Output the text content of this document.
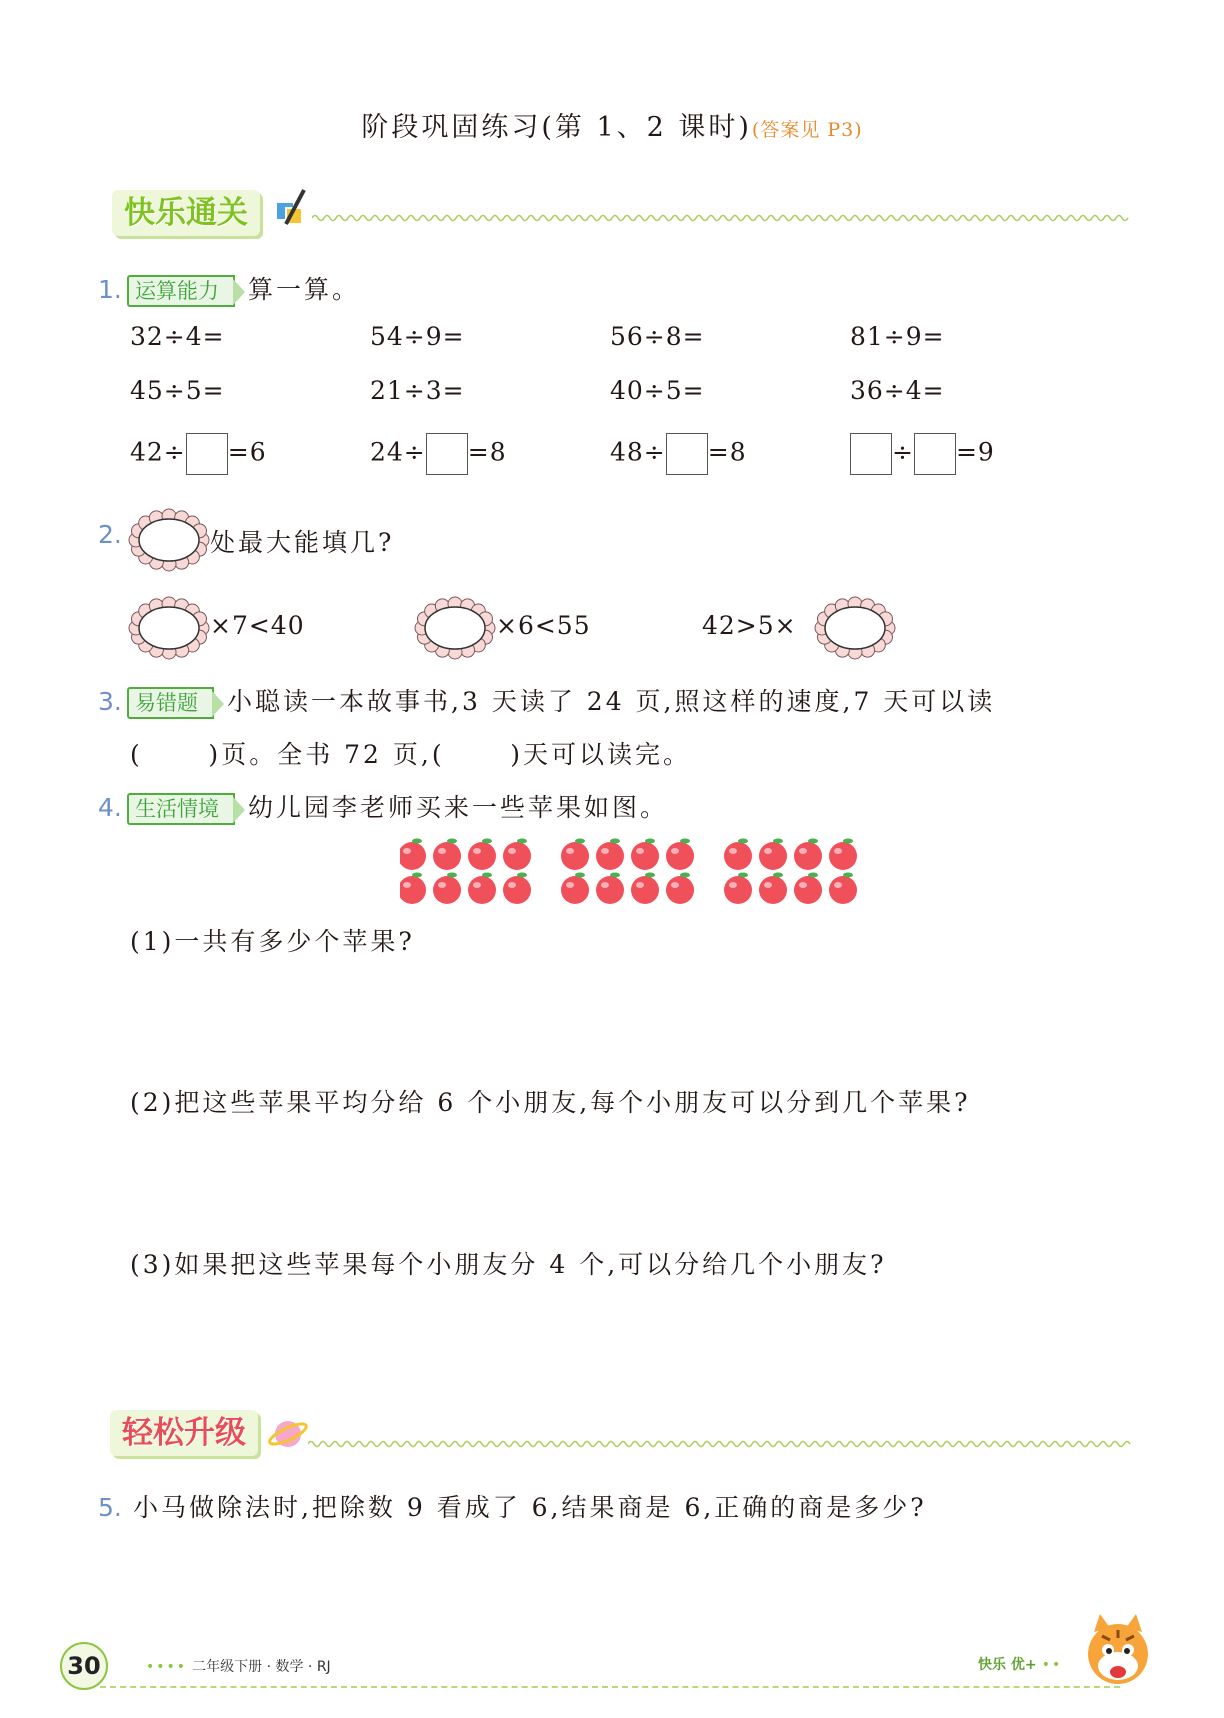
阶段巩固练习(第 1、2 课时)(答案见 P3)
快乐通关
1. 运算能力 算一算。
32÷4=	54÷9=	56÷8=	81÷9=
45÷5=	21÷3=	40÷5=	36÷4=
42÷ =6	24÷ =8	48÷ =8	÷ =9
2.	处最大能填几?
×7<40	×6<55	42>5×
3. 易错题 小聪读一本故事书,3 天读了 24 页,照这样的速度,7 天可以读
(      )页。全书 72 页,(      )天可以读完。
4. 生活情境 幼儿园李老师买来一些苹果如图。
(1)一共有多少个苹果?
(2)把这些苹果平均分给 6 个小朋友,每个小朋友可以分到几个苹果?
(3)如果把这些苹果每个小朋友分 4 个,可以分给几个小朋友?
轻松升级
5. 小马做除法时,把除数 9 看成了 6,结果商是 6,正确的商是多少?
30	•••• 二年级下册 · 数学 · RJ	快乐 优+ ••
